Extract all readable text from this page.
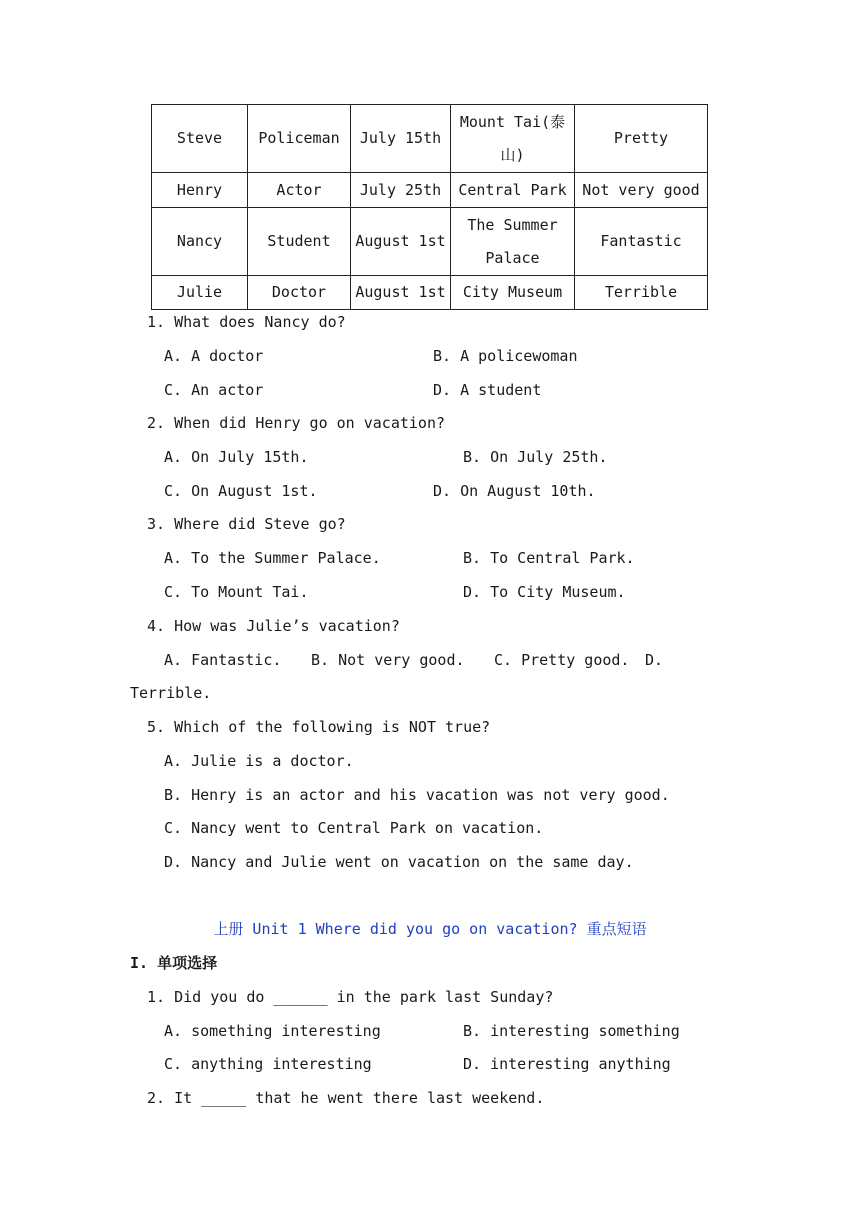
Steve	Policeman	July 15th	Mount Tai(泰山)	Pretty
Henry	Actor	July 25th	Central Park	Not very good
Nancy	Student	August 1st	The Summer Palace	Fantastic
Julie	Doctor	August 1st	City Museum	Terrible
1. What does Nancy do?
A. A doctor	B. A policewoman
C. An actor	D. A student
2. When did Henry go on vacation?
A. On July 15th.	B. On July 25th.
C. On August 1st.	D. On August 10th.
3. Where did Steve go?
A. To the Summer Palace.	B. To Central Park.
C. To Mount Tai.	D. To City Museum.
4. How was Julie’s vacation?
A. Fantastic. B. Not very good. C. Pretty good. D.
Terrible.
5. Which of the following is NOT true?
A. Julie is a doctor.
B. Henry is an actor and his vacation was not very good.
C. Nancy went to Central Park on vacation.
D. Nancy and Julie went on vacation on the same day.
上册 Unit 1 Where did you go on vacation? 重点短语
I. 单项选择
1. Did you do ______ in the park last Sunday?
A. something interesting	B. interesting something
C. anything interesting	D. interesting anything
2. It _____ that he went there last weekend.
